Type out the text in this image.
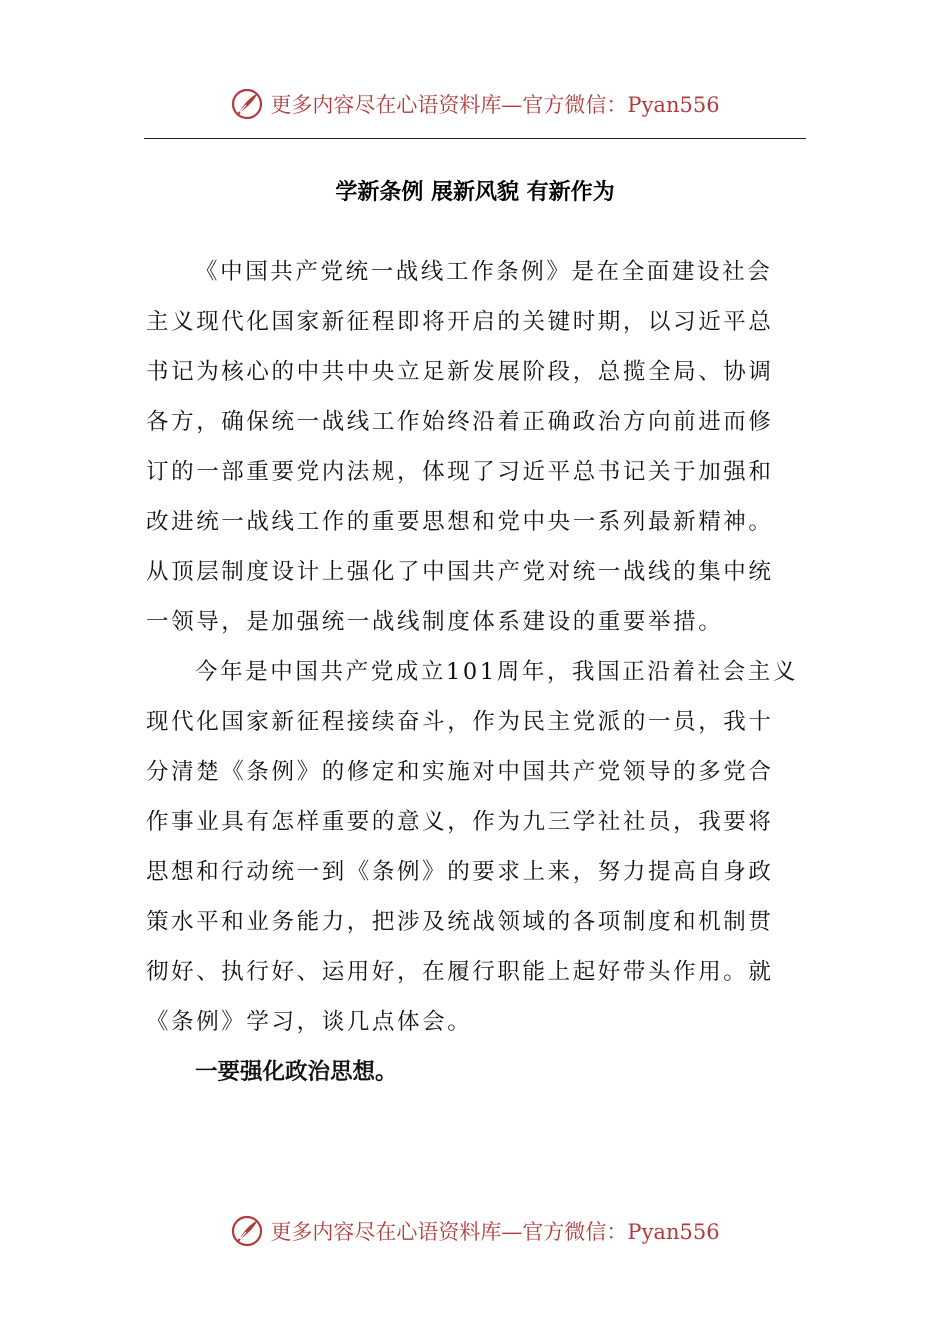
更多内容尽在心语资料库—官方微信：Pyan556
学新条例 展新风貌 有新作为
《中国共产党统一战线工作条例》是在全面建设社会
主义现代化国家新征程即将开启的关键时期，以习近平总
书记为核心的中共中央立足新发展阶段，总揽全局、协调
各方，确保统一战线工作始终沿着正确政治方向前进而修
订的一部重要党内法规，体现了习近平总书记关于加强和
改进统一战线工作的重要思想和党中央一系列最新精神。
从顶层制度设计上强化了中国共产党对统一战线的集中统
一领导，是加强统一战线制度体系建设的重要举措。
今年是中国共产党成立101周年，我国正沿着社会主义
现代化国家新征程接续奋斗，作为民主党派的一员，我十
分清楚《条例》的修定和实施对中国共产党领导的多党合
作事业具有怎样重要的意义，作为九三学社社员，我要将
思想和行动统一到《条例》的要求上来，努力提高自身政
策水平和业务能力，把涉及统战领域的各项制度和机制贯
彻好、执行好、运用好，在履行职能上起好带头作用。就
《条例》学习，谈几点体会。
一要强化政治思想。
更多内容尽在心语资料库—官方微信：Pyan556
